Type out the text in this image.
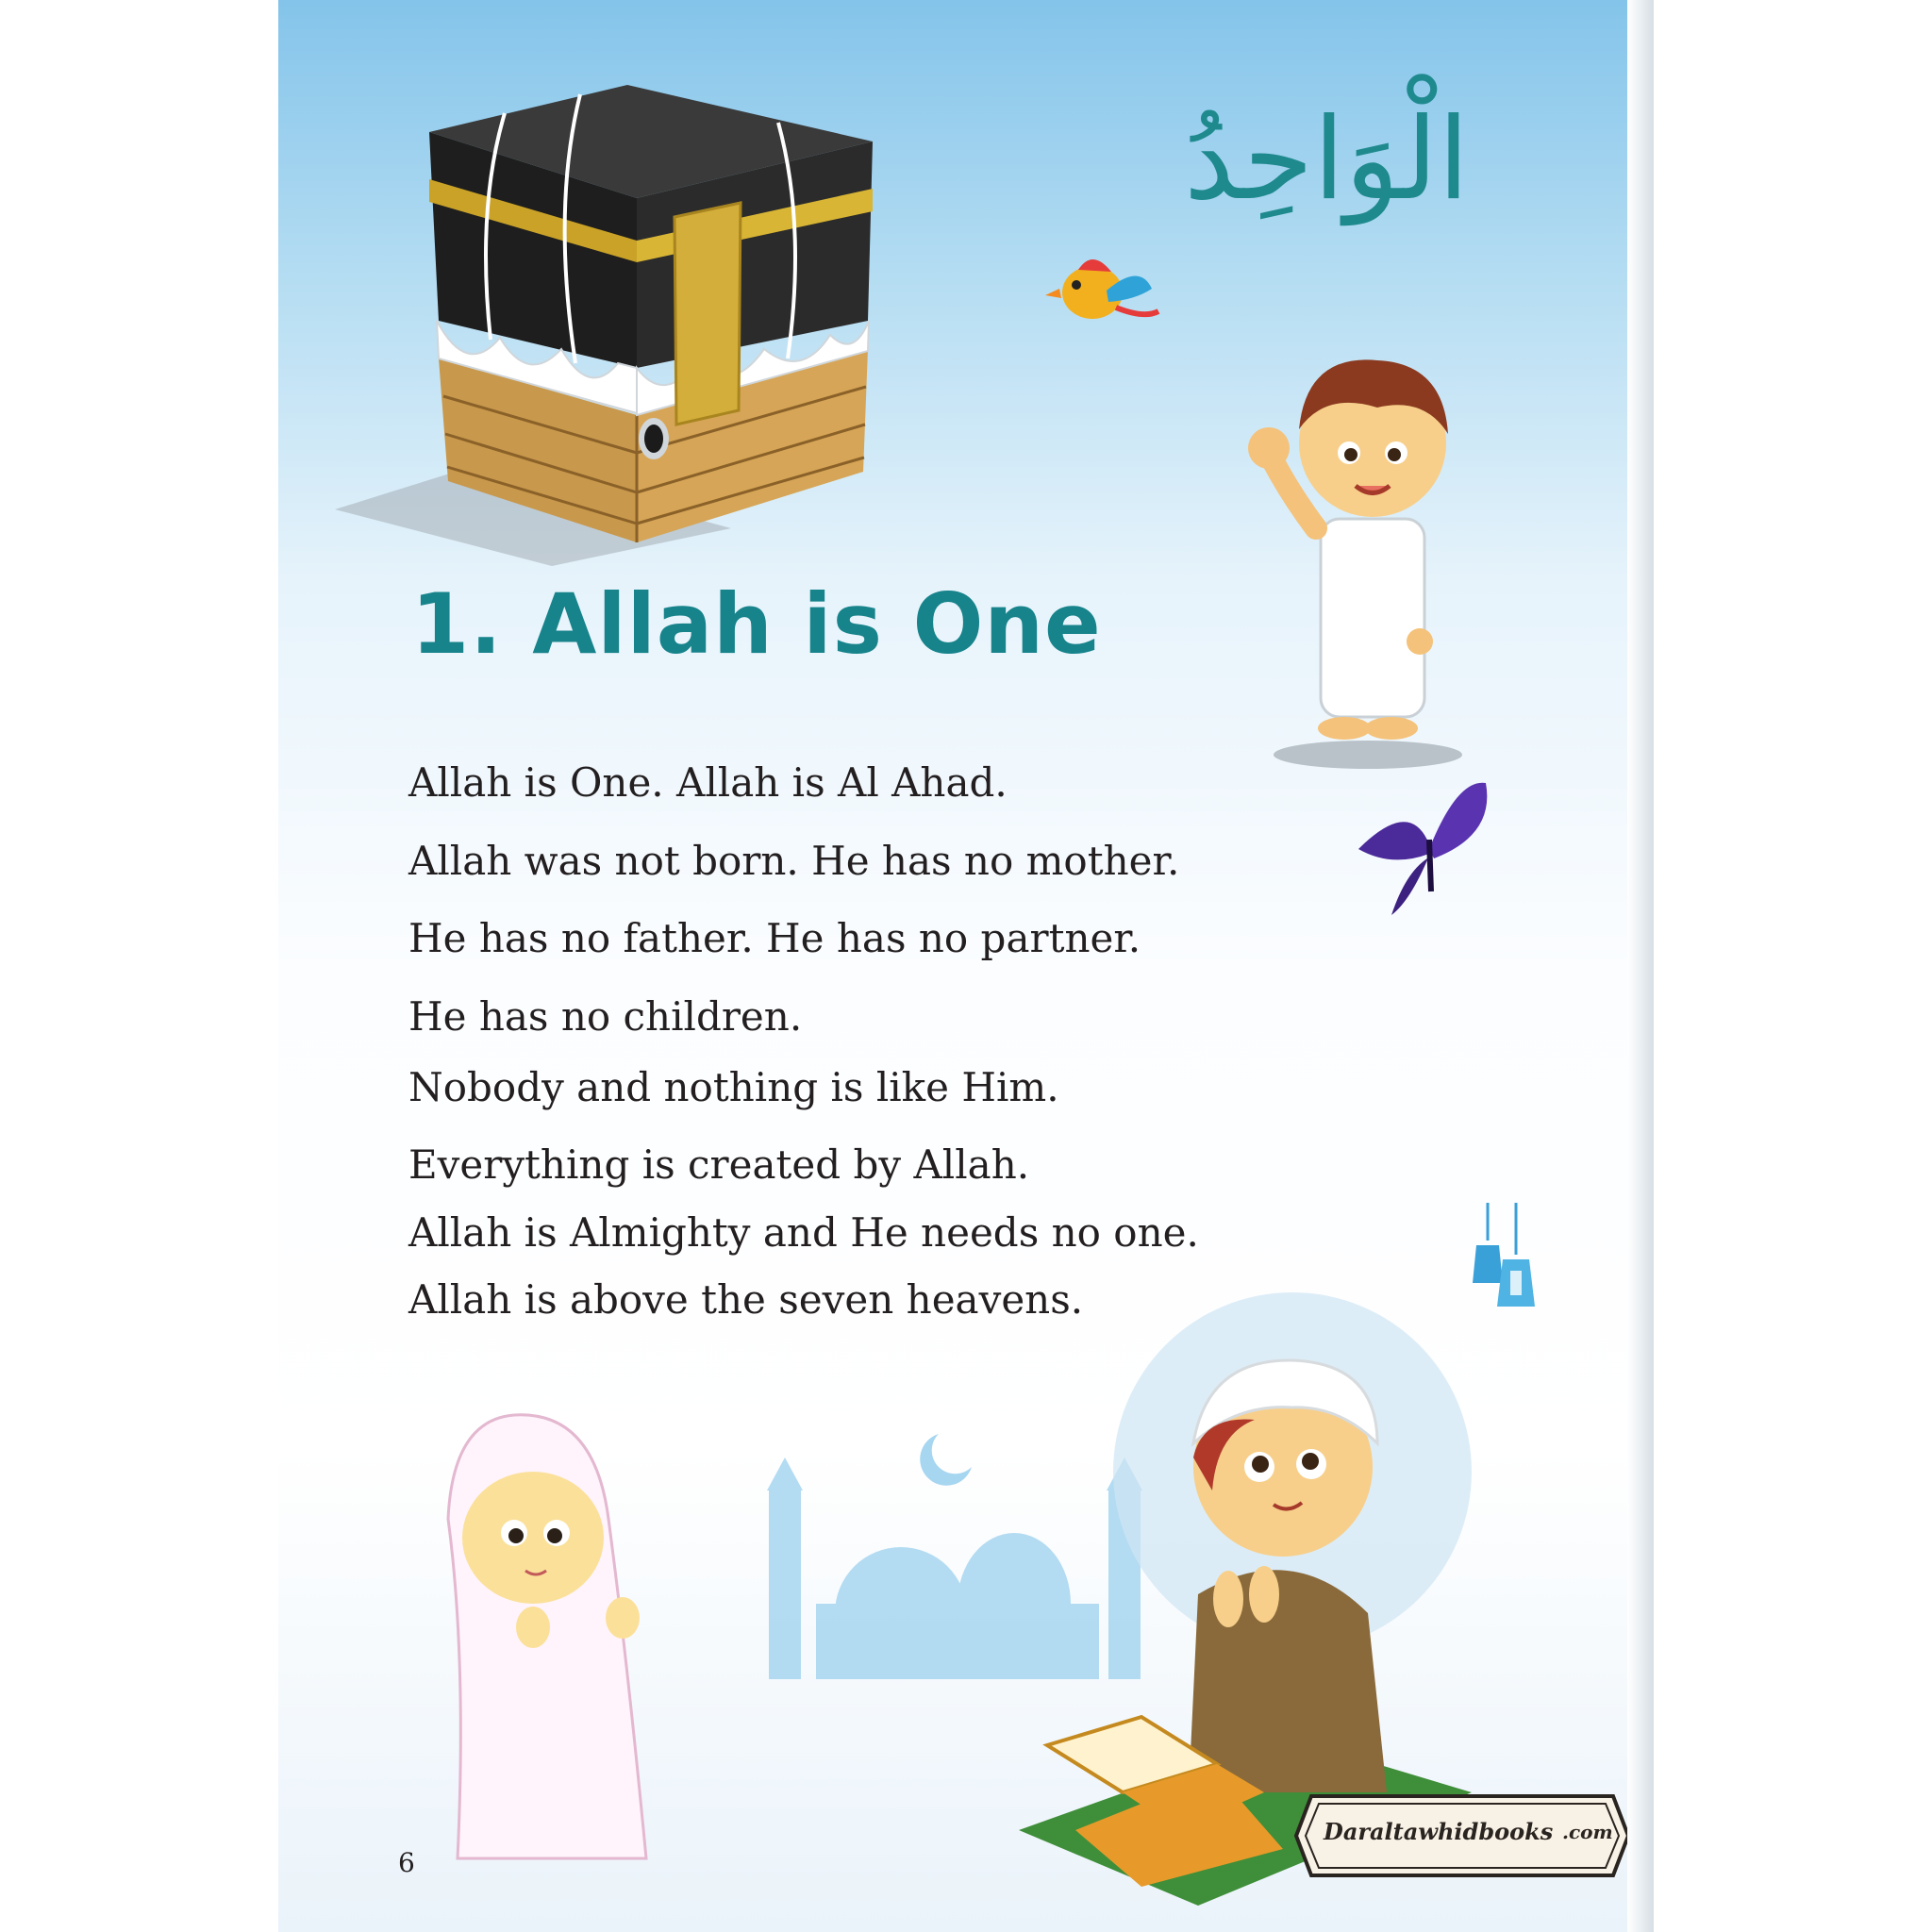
الْوَاحِدُ
1. Allah is One
Allah is One. Allah is Al Ahad.
Allah was not born. He has no mother.
He has no father. He has no partner.
He has no children.
Nobody and nothing is like Him.
Everything is created by Allah.
Allah is Almighty and He needs no one.
Allah is above the seven heavens.
6
Daraltawhidbooks .com
